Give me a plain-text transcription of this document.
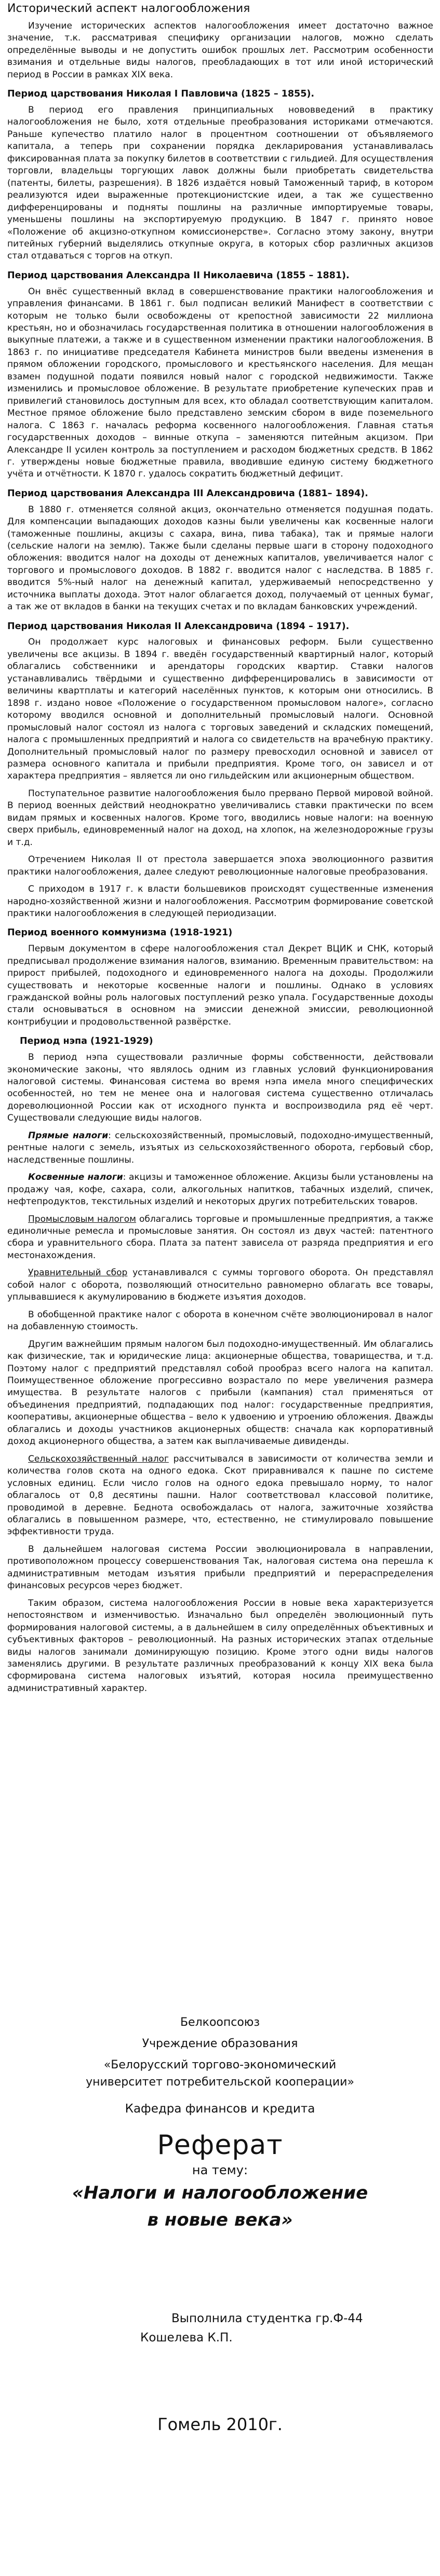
Исторический аспект налогообложения

Изучение исторических аспектов налогообложения имеет достаточно важное значение, т.к. рассматривая специфику организации налогов, можно сделать определённые выводы и не допустить ошибок прошлых лет. Рассмотрим особенности взимания и отдельные виды налогов, преобладающих в тот или иной исторический период в России в рамках XIX века.

Период царствования Николая I Павловича (1825 – 1855).

В период его правления принципиальных нововведений в практику налогообложения не было, хотя отдельные преобразования историками отмечаются. Раньше купечество платило налог в процентном соотношении от объявляемого капитала, а теперь при сохранении порядка декларирования устанавливалась фиксированная плата за покупку билетов в соответствии с гильдией. Для осуществления торговли, владельцы торгующих лавок должны были приобретать свидетельства (патенты, билеты, разрешения). В 1826 издаётся новый Таможенный тариф, в котором реализуются идеи выраженные протекционистские идеи, а так же существенно дифференцированы и подняты пошлины на различные импортируемые товары, уменьшены пошлины на экспортируемую продукцию. В 1847 г. принято новое «Положение об акцизно-откупном комиссионерстве». Согласно этому закону, внутри питейных губерний выделялись откупные округа, в которых сбор различных акцизов стал отдаваться с торгов на откуп.

Период царствования Александра II Николаевича (1855 – 1881).

Он внёс существенный вклад в совершенствование практики налогообложения и управления финансами. В 1861 г. был подписан великий Манифест в соответствии с которым не только были освобождены от крепостной зависимости 22 миллиона крестьян, но и обозначилась государственная политика в отношении налогообложения в выкупные платежи, а также и в существенном изменении практики налогообложения. В 1863 г. по инициативе председателя Кабинета министров были введены изменения в прямом обложении городского, промыслового и крестьянского населения. Для мещан взамен подушной подати появился новый налог с городской недвижимости. Также изменились и промысловое обложение. В результате приобретение купеческих прав и привилегий становилось доступным для всех, кто обладал соответствующим капиталом. Местное прямое обложение было представлено земским сбором в виде поземельного налога. С 1863 г. началась реформа косвенного налогообложения. Главная статья государственных доходов – винные откупа – заменяются питейным акцизом. При Александре II усилен контроль за поступлением и расходом бюджетных средств. В 1862 г. утверждены новые бюджетные правила, вводившие единую систему бюджетного учёта и отчётности. К 1870 г. удалось сократить бюджетный дефицит.

Период царствования Александра III Александровича (1881– 1894).

В 1880 г. отменяется соляной акциз, окончательно отменяется подушная подать. Для компенсации выпадающих доходов казны были увеличены как косвенные налоги (таможенные пошлины, акцизы с сахара, вина, пива табака), так и прямые налоги (сельские налоги на землю). Также были сделаны первые шаги в сторону подоходного обложения: вводится налог на доходы от денежных капиталов, увеличивается налог с торгового и промыслового доходов. В 1882 г. вводится налог с наследства. В 1885 г. вводится 5%-ный налог на денежный капитал, удерживаемый непосредственно у источника выплаты дохода. Этот налог облагается доход, получаемый от ценных бумаг, а так же от вкладов в банки на текущих счетах и по вкладам банковских учреждений.

Период царствования Николая II Александровича (1894 – 1917).

Он продолжает курс налоговых и финансовых реформ. Были существенно увеличены все акцизы. В 1894 г. введён государственный квартирный налог, который облагались собственники и арендаторы городских квартир. Ставки налогов устанавливались твёрдыми и существенно дифференцировались в зависимости от величины квартплаты и категорий населённых пунктов, к которым они относились. В 1898 г. издано новое «Положение о государственном промысловом налоге», согласно которому вводился основной и дополнительный промысловый налоги. Основной промысловый налог состоял из налога с торговых заведений и складских помещений, налога с промышленных предприятий и налога со свидетельств на врачебную практику. Дополнительный промысловый налог по размеру превосходил основной и зависел от размера основного капитала и прибыли предприятия. Кроме того, он зависел и от характера предприятия – является ли оно гильдейским или акционерным обществом.

Поступательное развитие налогообложения было прервано Первой мировой войной. В период военных действий неоднократно увеличивались ставки практически по всем видам прямых и косвенных налогов. Кроме того, вводились новые налоги: на военную сверх прибыль, единовременный налог на доход, на хлопок, на железнодорожные грузы и т.д.

Отречением Николая II от престола завершается эпоха эволюционного развития практики налогообложения, далее следуют революционные налоговые преобразования.

С приходом в 1917 г. к власти большевиков происходят существенные изменения народно-хозяйственной жизни и налогообложения. Рассмотрим формирование советской практики налогообложения в следующей периодизации.

Период военного коммунизма (1918-1921)

Первым документом в сфере налогообложения стал Декрет ВЦИК и СНК, который предписывал продолжение взимания налогов, взиманию. Временным правительством: на прирост прибылей, подоходного и единовременного налога на доходы. Продолжили существовать и некоторые косвенные налоги и пошлины. Однако в условиях гражданской войны роль налоговых поступлений резко упала. Государственные доходы стали основываться в основном на эмиссии денежной эмиссии, революционной контрибуции и продовольственной развёрстке.

Период нэпа (1921-1929)

В период нэпа существовали различные формы собственности, действовали экономические законы, что являлось одним из главных условий функционирования налоговой системы. Финансовая система во время нэпа имела много специфических особенностей, но тем не менее она и налоговая система существенно отличалась дореволюционной России как от исходного пункта и воспроизводила ряд её черт. Существовали следующие виды налогов.

Прямые налоги: сельскохозяйственный, промысловый, подоходно-имущественный, рентные налоги с земель, изъятых из сельскохозяйственного оборота, гербовый сбор, наследственные пошлины.

Косвенные налоги: акцизы и таможенное обложение. Акцизы были установлены на продажу чая, кофе, сахара, соли, алкогольных напитков, табачных изделий, спичек, нефтепродуктов, текстильных изделий и некоторых других потребительских товаров.

Промысловым налогом облагались торговые и промышленные предприятия, а также единоличные ремесла и промысловые занятия. Он состоял из двух частей: патентного сбора и уравнительного сбора. Плата за патент зависела от разряда предприятия и его местонахождения.

Уравнительный сбор устанавливался с суммы торгового оборота. Он представлял собой налог с оборота, позволяющий относительно равномерно облагать все товары, уплывавшиеся к акумулированию в бюджете изъятия доходов.

В обобщенной практике налог с оборота в конечном счёте эволюционировал в налог на добавленную стоимость.

Другим важнейшим прямым налогом был подоходно-имущественный. Им облагались как физические, так и юридические лица: акционерные общества, товарищества, и т.д. Поэтому налог с предприятий представлял собой прообраз всего налога на капитал. Поимущественное обложение прогрессивно возрастало по мере увеличения размера имущества. В результате налогов с прибыли (кампания) стал применяться от объединения предприятий, подпадающих под налог: государственные предприятия, кооперативы, акционерные общества – вело к удвоению и утроению обложения. Дважды облагались и доходы участников акционерных обществ: сначала как корпоративный доход акционерного общества, а затем как выплачиваемые дивиденды.

Сельскохозяйственный налог рассчитывался в зависимости от количества земли и количества голов скота на одного едока. Скот приравнивался к пашне по системе условных единиц. Если число голов на одного едока превышало норму, то налог облагалось от 0,8 десятины пашни. Налог соответствовал классовой политике, проводимой в деревне. Беднота освобождалась от налога, зажиточные хозяйства облагались в повышенном размере, что, естественно, не стимулировало повышение эффективности труда.

В дальнейшем налоговая система России эволюционировала в направлении, противоположном процессу совершенствования Так, налоговая система она перешла к административным методам изъятия прибыли предприятий и перераспределения финансовых ресурсов через бюджет.

Таким образом, система налогообложения России в новые века характеризуется непостоянством и изменчивостью. Изначально был определён эволюционный путь формирования налоговой системы, а в дальнейшем в силу определённых объективных и субъективных факторов – революционный. На разных исторических этапах отдельные виды налогов занимали доминирующую позицию. Кроме этого одни виды налогов заменялись другими. В результате различных преобразований к концу XIX века была сформирована система налоговых изъятий, которая носила преимущественно административный характер.

Белкоопсоюз
Учреждение образования
«Белорусский торгово-экономический
университет потребительской кооперации»
Кафедра финансов и кредита
Реферат
на тему:
«Налоги и налогообложение
в новые века»
Выполнила студентка гр.Ф-44
Кошелева К.П.
Гомель 2010г.
